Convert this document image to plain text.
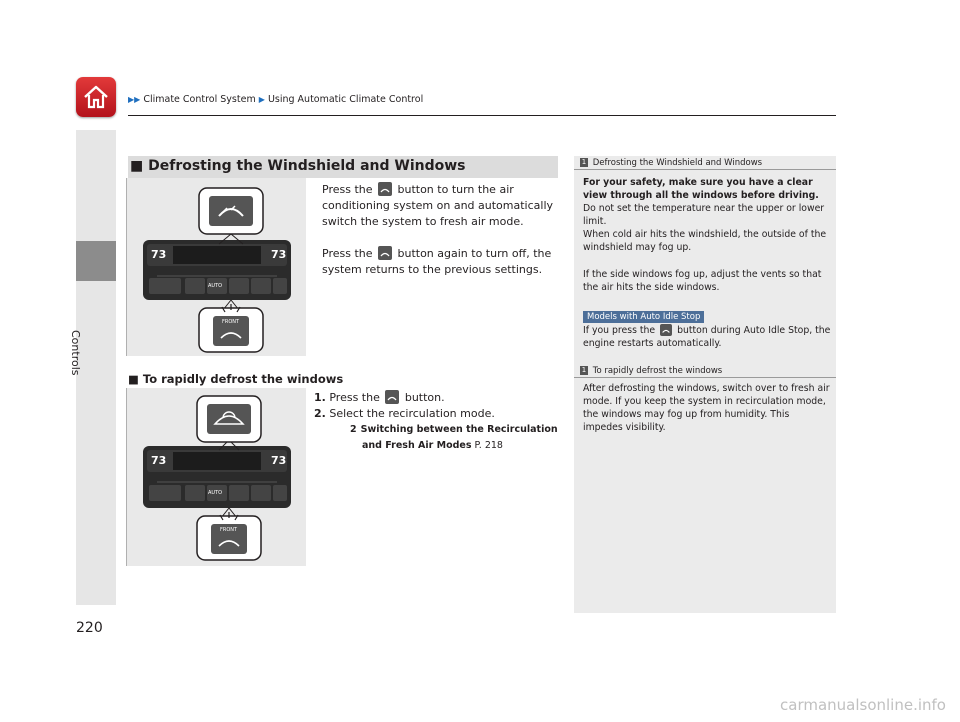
▶▶ Climate Control System ▶ Using Automatic Climate Control
Controls
■ Defrosting the Windshield and Windows
73	73
AUTO
FRONT
Press the button to turn the air
conditioning system on and automatically
switch the system to fresh air mode.
Press the button again to turn off, the
system returns to the previous settings.
■ To rapidly defrost the windows
73	73
AUTO
FRONT
1. Press the button.
2. Select the recirculation mode.
2 Switching between the Recirculation
and Fresh Air Modes P. 218
1 Defrosting the Windshield and Windows
For your safety, make sure you have a clear view through all the windows before driving.
Do not set the temperature near the upper or lower limit.
When cold air hits the windshield, the outside of the windshield may fog up.
If the side windows fog up, adjust the vents so that the air hits the side windows.
Models with Auto Idle Stop
If you press the button during Auto Idle Stop, the engine restarts automatically.
1 To rapidly defrost the windows
After defrosting the windows, switch over to fresh air mode. If you keep the system in recirculation mode, the windows may fog up from humidity. This impedes visibility.
220
carmanualsonline.info
